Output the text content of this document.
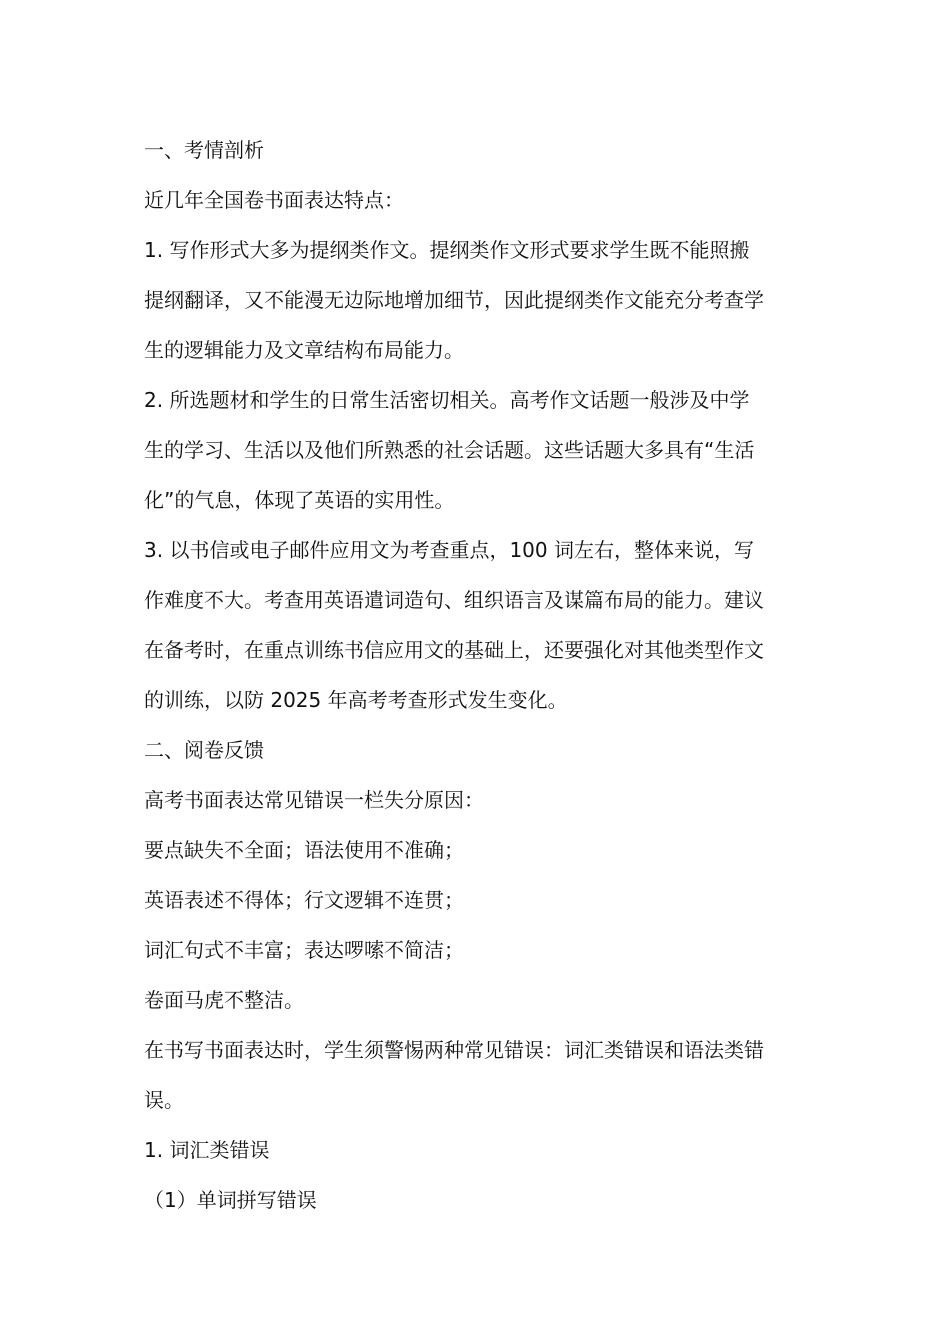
一、考情剖析

近几年全国卷书面表达特点：

1. 写作形式大多为提纲类作文。提纲类作文形式要求学生既不能照搬

提纲翻译，又不能漫无边际地增加细节，因此提纲类作文能充分考查学

生的逻辑能力及文章结构布局能力。

2. 所选题材和学生的日常生活密切相关。高考作文话题一般涉及中学

生的学习、生活以及他们所熟悉的社会话题。这些话题大多具有“生活

化”的气息，体现了英语的实用性。

3. 以书信或电子邮件应用文为考查重点，100 词左右，整体来说，写

作难度不大。考查用英语遣词造句、组织语言及谋篇布局的能力。建议

在备考时，在重点训练书信应用文的基础上，还要强化对其他类型作文

的训练，以防 2025 年高考考查形式发生变化。

二、阅卷反馈

高考书面表达常见错误一栏失分原因：

要点缺失不全面；语法使用不准确；

英语表述不得体；行文逻辑不连贯；

词汇句式不丰富；表达啰嗦不简洁；

卷面马虎不整洁。

在书写书面表达时，学生须警惕两种常见错误：词汇类错误和语法类错

误。

1. 词汇类错误

（1）单词拼写错误
